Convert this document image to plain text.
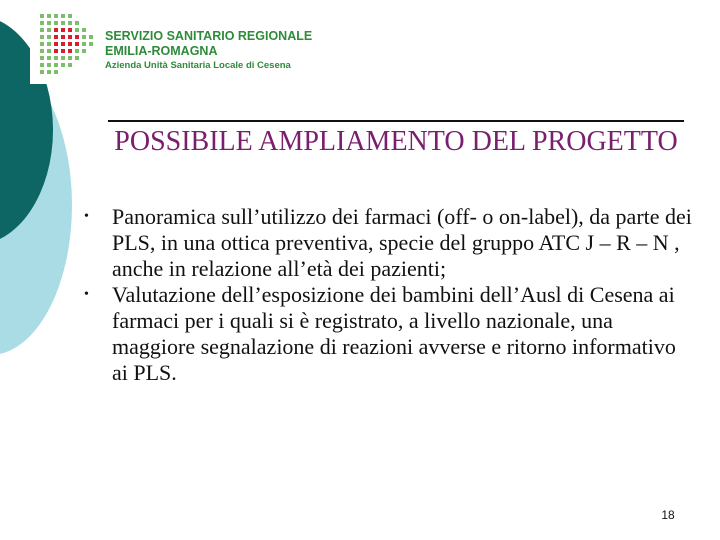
SERVIZIO SANITARIO REGIONALE
EMILIA-ROMAGNA
Azienda Unità Sanitaria Locale di Cesena
POSSIBILE AMPLIAMENTO DEL PROGETTO
• Panoramica sull’utilizzo dei farmaci (off- o on-label), da parte dei PLS, in una ottica preventiva, specie del gruppo ATC J – R – N , anche in relazione all’età dei pazienti;
• Valutazione dell’esposizione dei bambini dell’Ausl di Cesena ai farmaci per i quali si è registrato, a livello nazionale, una maggiore segnalazione di reazioni avverse e ritorno informativo ai PLS.
18
